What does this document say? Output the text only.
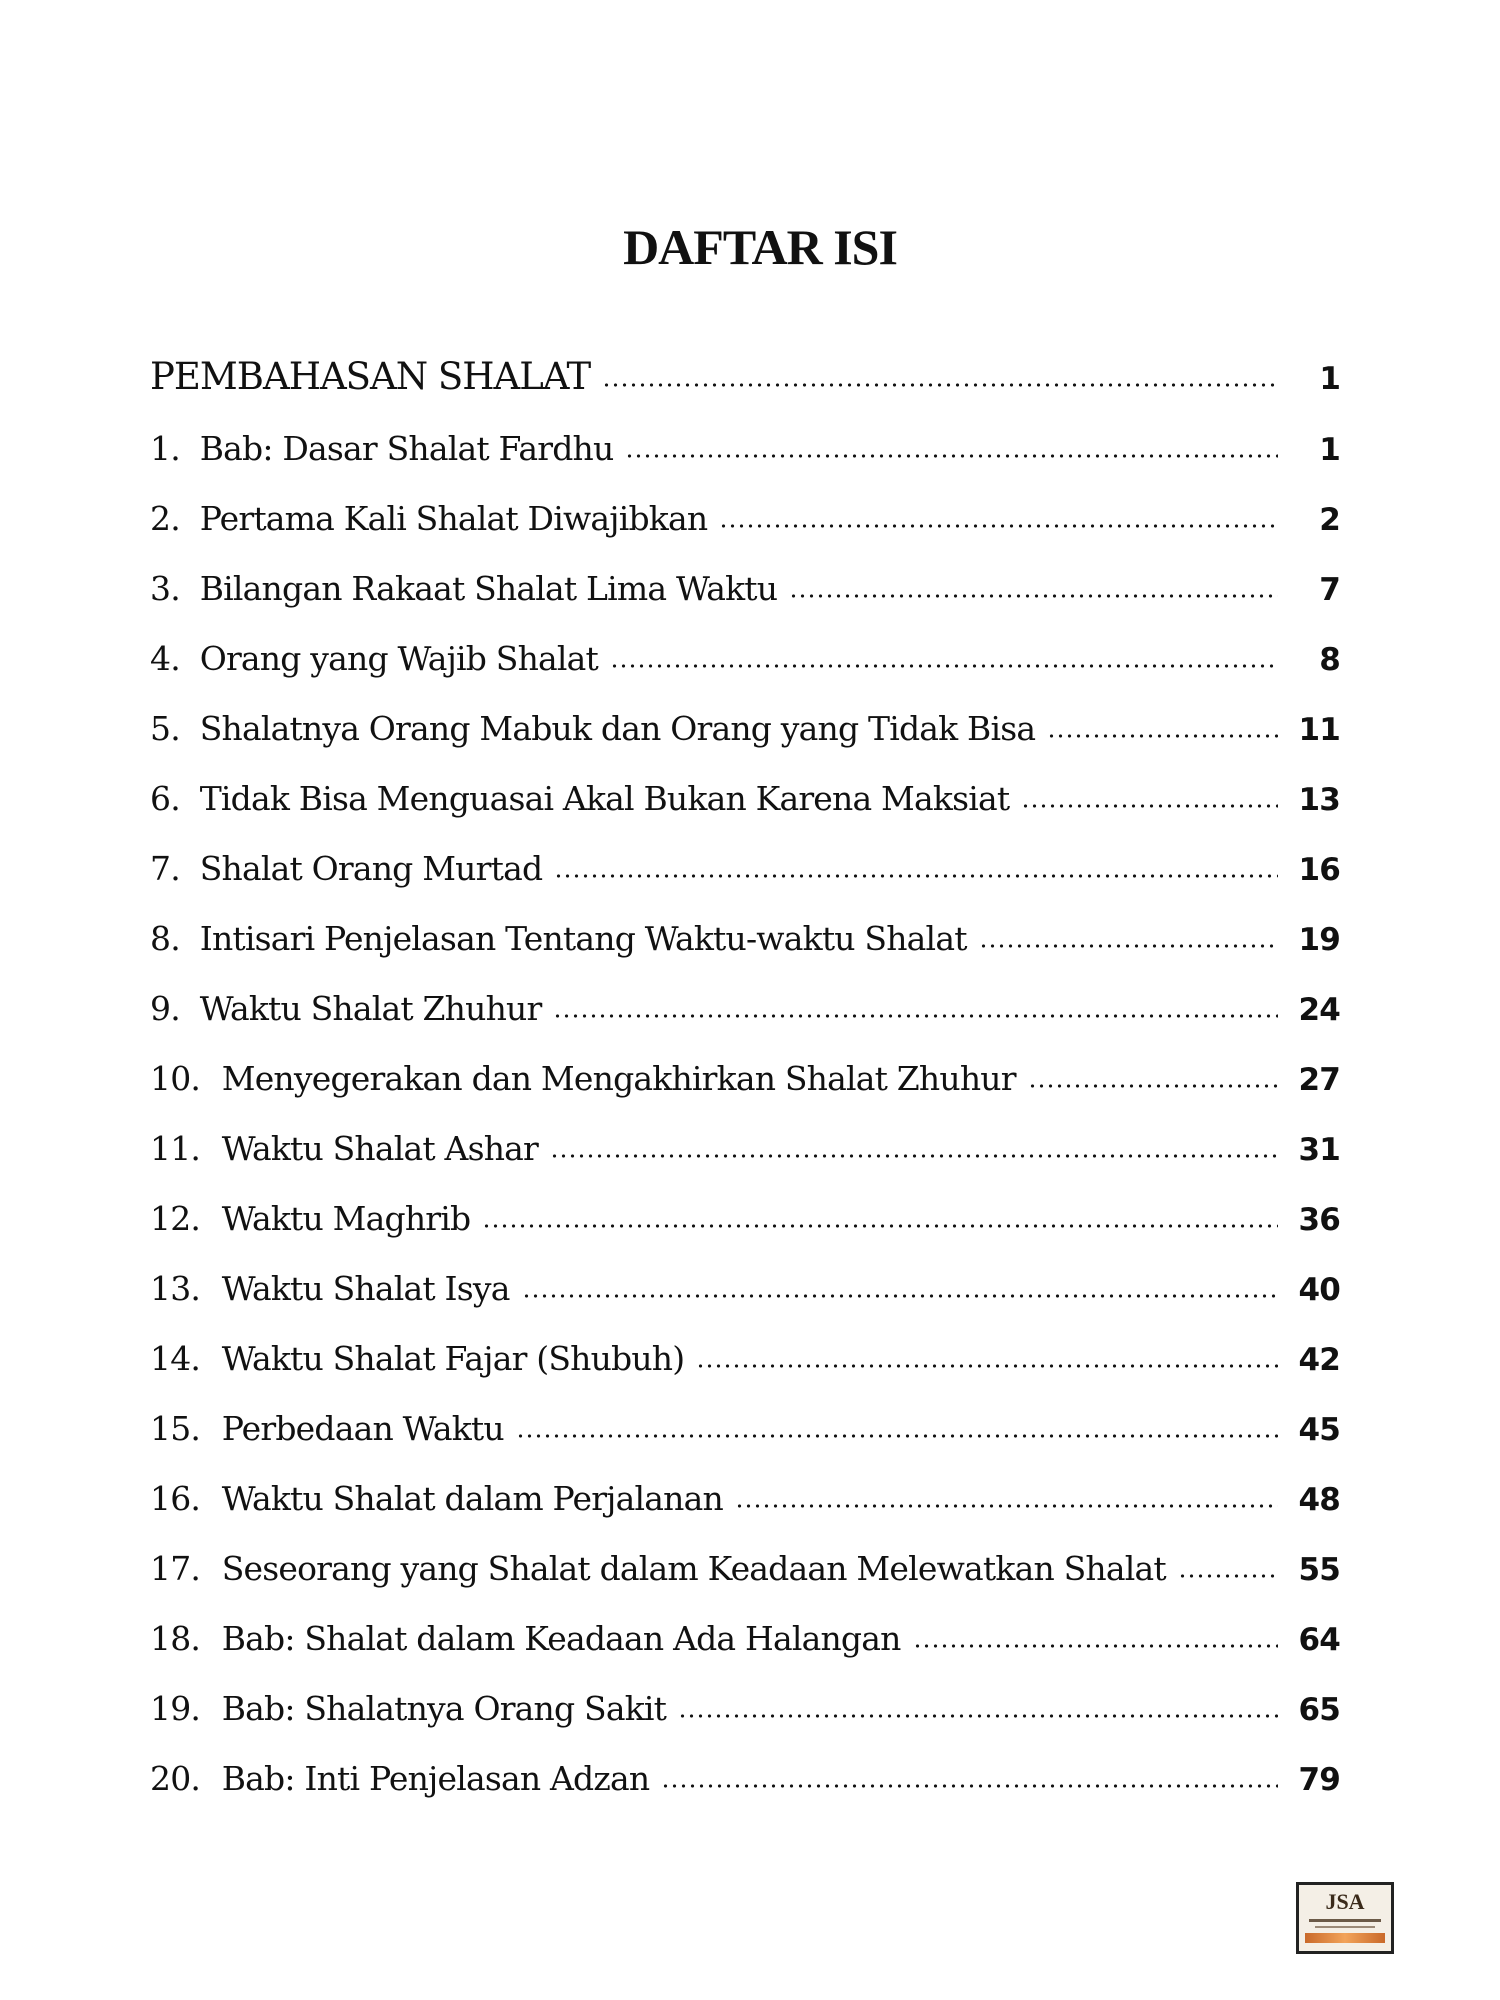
DAFTAR ISI
PEMBAHASAN SHALAT	1
1. Bab: Dasar Shalat Fardhu	1
2. Pertama Kali Shalat Diwajibkan	2
3. Bilangan Rakaat Shalat Lima Waktu	7
4. Orang yang Wajib Shalat	8
5. Shalatnya Orang Mabuk dan Orang yang Tidak Bisa	11
6. Tidak Bisa Menguasai Akal Bukan Karena Maksiat	13
7. Shalat Orang Murtad	16
8. Intisari Penjelasan Tentang Waktu-waktu Shalat	19
9. Waktu Shalat Zhuhur	24
10. Menyegerakan dan Mengakhirkan Shalat Zhuhur	27
11. Waktu Shalat Ashar	31
12. Waktu Maghrib	36
13. Waktu Shalat Isya	40
14. Waktu Shalat Fajar (Shubuh)	42
15. Perbedaan Waktu	45
16. Waktu Shalat dalam Perjalanan	48
17. Seseorang yang Shalat dalam Keadaan Melewatkan Shalat	55
18. Bab: Shalat dalam Keadaan Ada Halangan	64
19. Bab: Shalatnya Orang Sakit	65
20. Bab: Inti Penjelasan Adzan	79
JSA
